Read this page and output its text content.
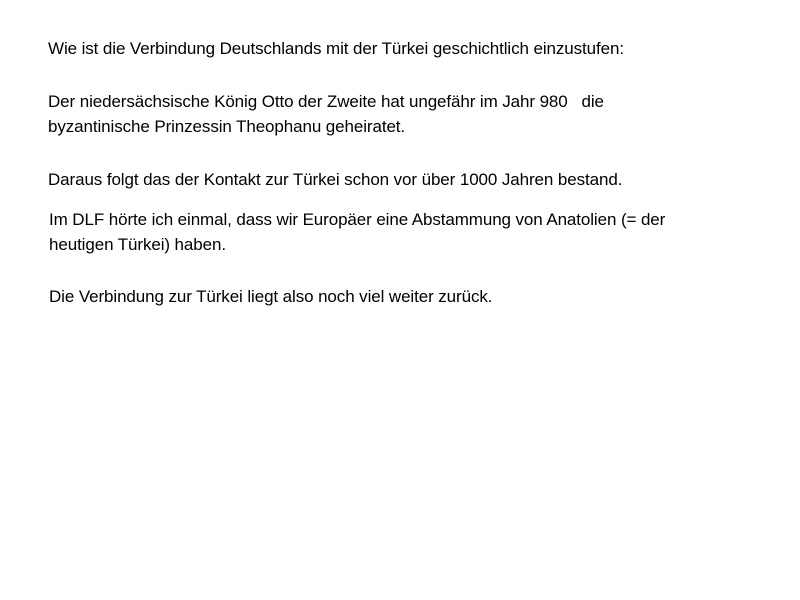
Wie ist die Verbindung Deutschlands mit der Türkei geschichtlich einzustufen:

Der niedersächsische König Otto der Zweite hat ungefähr im Jahr 980   die
byzantinische Prinzessin Theophanu geheiratet.

Daraus folgt das der Kontakt zur Türkei schon vor über 1000 Jahren bestand.

Im DLF hörte ich einmal, dass wir Europäer eine Abstammung von Anatolien (= der
heutigen Türkei) haben.

Die Verbindung zur Türkei liegt also noch viel weiter zurück.
